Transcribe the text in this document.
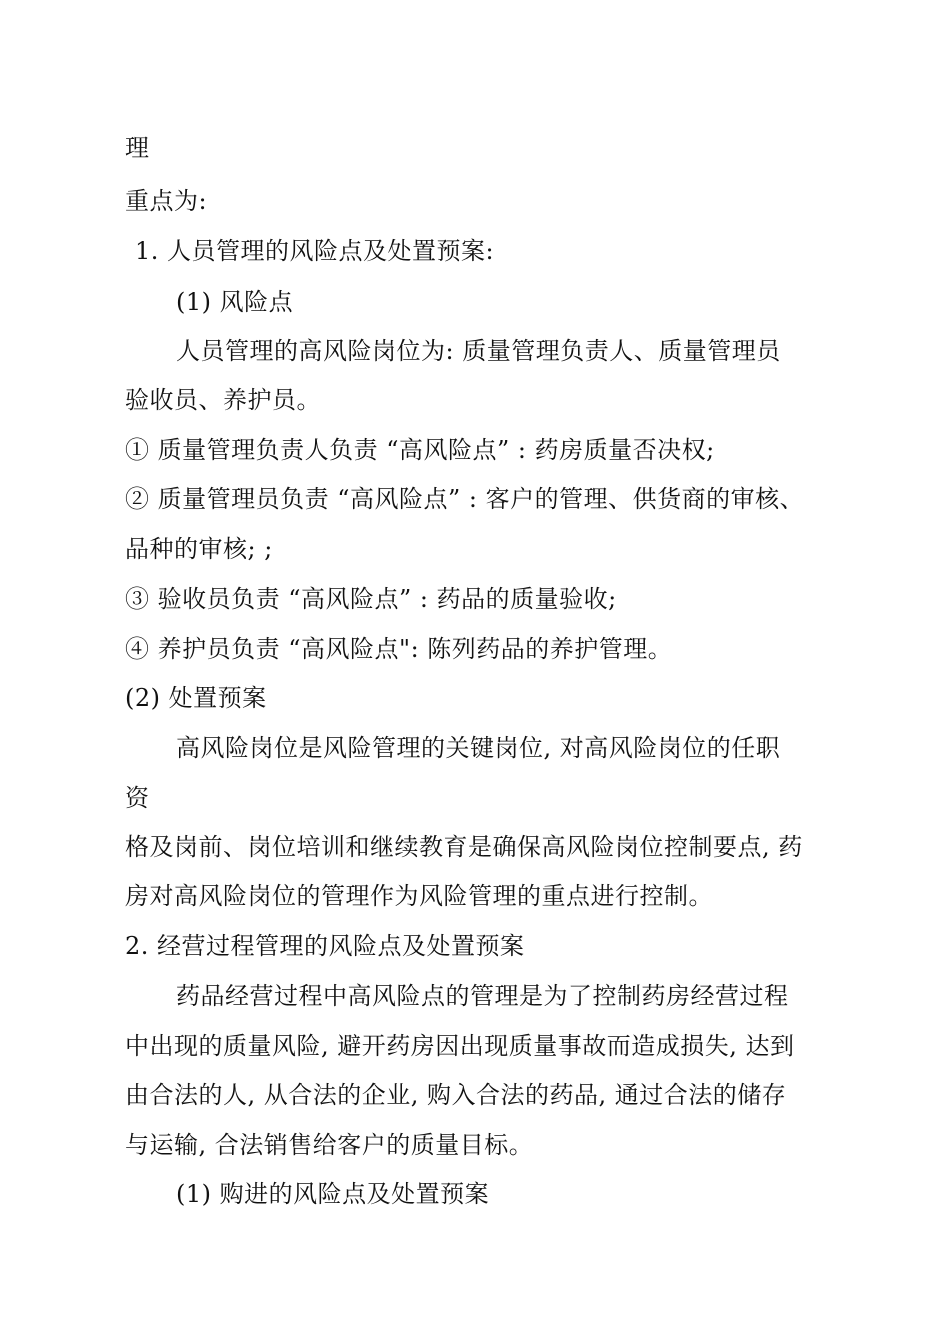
理
重点为:
1. 人员管理的风险点及处置预案:
(1) 风险点
人员管理的高风险岗位为: 质量管理负责人、质量管理员
验收员、养护员。
① 质量管理负责人负责 “高风险点” : 药房质量否决权;
② 质量管理员负责 “高风险点” : 客户的管理、供货商的审核、
品种的审核; ;
③ 验收员负责 “高风险点” : 药品的质量验收;
④ 养护员负责 “高风险点": 陈列药品的养护管理。
(2) 处置预案
高风险岗位是风险管理的关键岗位, 对高风险岗位的任职
资
格及岗前、岗位培训和继续教育是确保高风险岗位控制要点, 药
房对高风险岗位的管理作为风险管理的重点进行控制。
2. 经营过程管理的风险点及处置预案
药品经营过程中高风险点的管理是为了控制药房经营过程
中出现的质量风险, 避开药房因出现质量事故而造成损失, 达到
由合法的人, 从合法的企业, 购入合法的药品, 通过合法的储存
与运输, 合法销售给客户的质量目标。
(1) 购进的风险点及处置预案
